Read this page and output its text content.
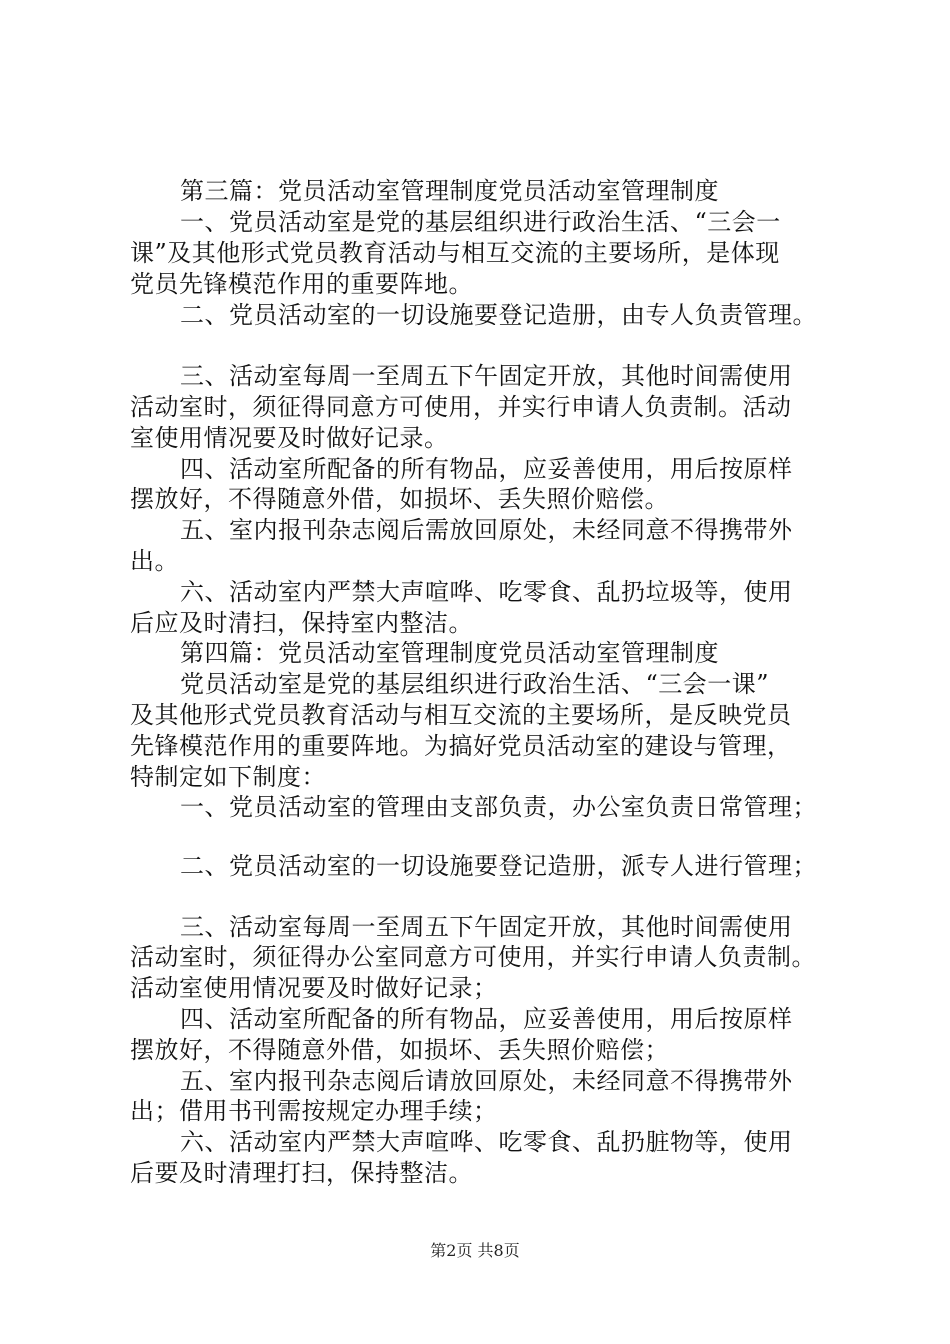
第三篇：党员活动室管理制度党员活动室管理制度
一、党员活动室是党的基层组织进行政治生活、“三会一
课”及其他形式党员教育活动与相互交流的主要场所，是体现
党员先锋模范作用的重要阵地。
二、党员活动室的一切设施要登记造册，由专人负责管理。
三、活动室每周一至周五下午固定开放，其他时间需使用
活动室时，须征得同意方可使用，并实行申请人负责制。活动
室使用情况要及时做好记录。
四、活动室所配备的所有物品，应妥善使用，用后按原样
摆放好，不得随意外借，如损坏、丢失照价赔偿。
五、室内报刊杂志阅后需放回原处，未经同意不得携带外
出。
六、活动室内严禁大声喧哗、吃零食、乱扔垃圾等，使用
后应及时清扫，保持室内整洁。
第四篇：党员活动室管理制度党员活动室管理制度
党员活动室是党的基层组织进行政治生活、“三会一课”
及其他形式党员教育活动与相互交流的主要场所，是反映党员
先锋模范作用的重要阵地。为搞好党员活动室的建设与管理，
特制定如下制度：
一、党员活动室的管理由支部负责，办公室负责日常管理；
二、党员活动室的一切设施要登记造册，派专人进行管理；
三、活动室每周一至周五下午固定开放，其他时间需使用
活动室时，须征得办公室同意方可使用，并实行申请人负责制。
活动室使用情况要及时做好记录；
四、活动室所配备的所有物品，应妥善使用，用后按原样
摆放好，不得随意外借，如损坏、丢失照价赔偿；
五、室内报刊杂志阅后请放回原处，未经同意不得携带外
出；借用书刊需按规定办理手续；
六、活动室内严禁大声喧哗、吃零食、乱扔脏物等，使用
后要及时清理打扫，保持整洁。
第2页 共8页
